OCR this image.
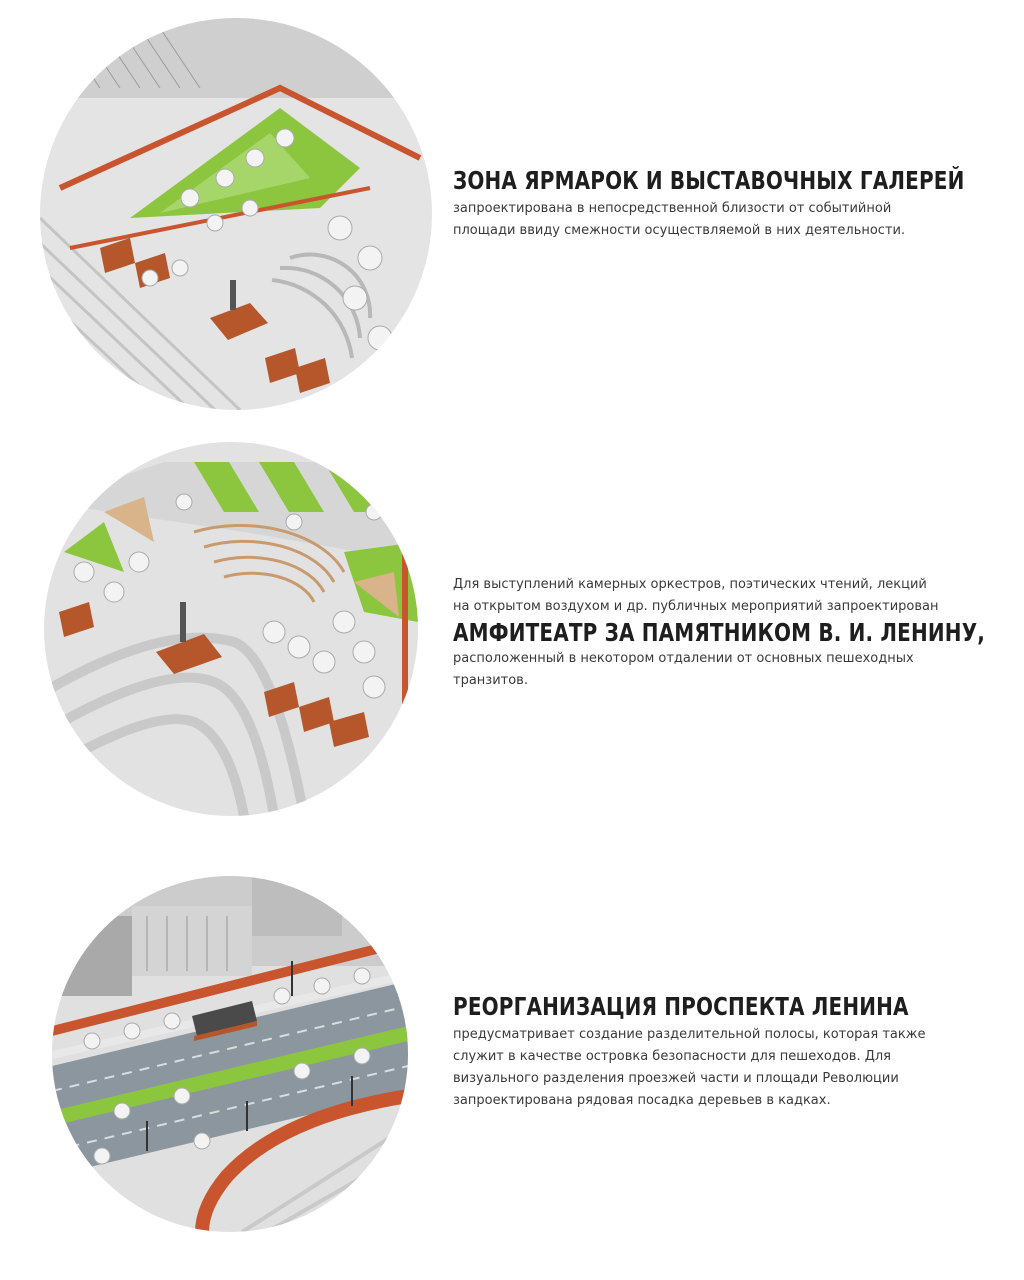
ЗОНА ЯРМАРОК И ВЫСТАВОЧНЫХ ГАЛЕРЕЙ
запроектирована в непосредственной близости от событийной
площади ввиду смежности осуществляемой в них деятельности.
Для выступлений камерных оркестров, поэтических чтений, лекций
на открытом воздухом и др. публичных мероприятий запроектирован
АМФИТЕАТР ЗА ПАМЯТНИКОМ В. И. ЛЕНИНУ,
расположенный в некотором отдалении от основных пешеходных
транзитов.
РЕОРГАНИЗАЦИЯ ПРОСПЕКТА ЛЕНИНА
предусматривает создание разделительной полосы, которая также
служит в качестве островка безопасности для пешеходов. Для
визуального разделения проезжей части и площади Революции
запроектирована рядовая посадка деревьев в кадках.
